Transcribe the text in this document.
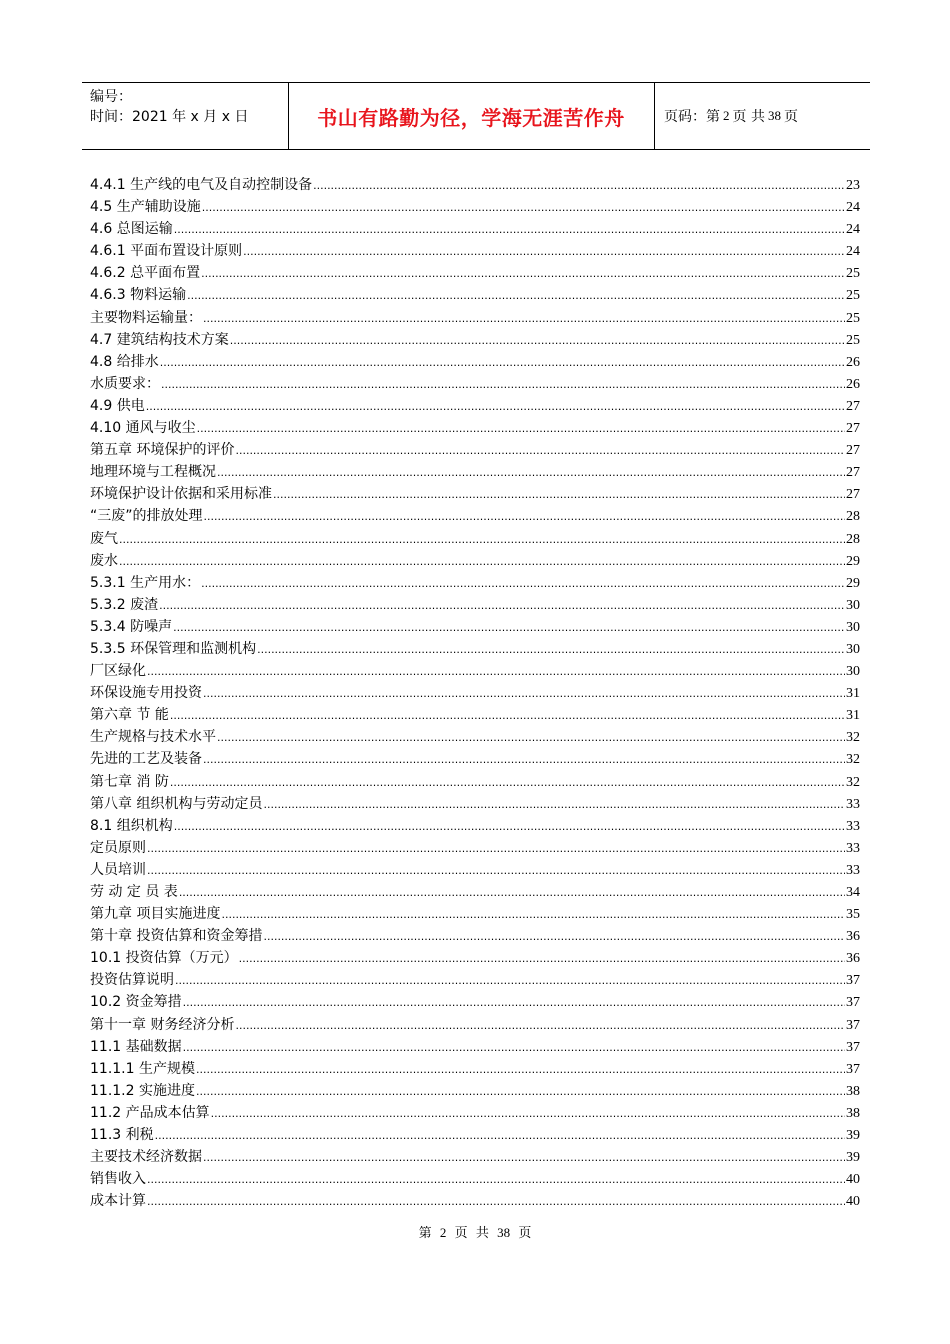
编号：
时间：2021 年 x 月 x 日	书山有路勤为径，学海无涯苦作舟	页码：第 2 页 共 38 页
4.4.1 生产线的电气及自动控制设备 .....	23
4.5 生产辅助设施 .....	24
4.6 总图运输 .....	24
4.6.1 平面布置设计原则 .....	24
4.6.2 总平面布置 .....	25
4.6.3 物料运输 .....	25
主要物料运输量： .....	25
4.7 建筑结构技术方案 .....	25
4.8 给排水 .....	26
水质要求： .....	26
4.9 供电 .....	27
4.10 通风与收尘 .....	27
第五章 环境保护的评价 .....	27
地理环境与工程概况 .....	27
环境保护设计依据和采用标准 .....	27
“三废”的排放处理 .....	28
废气 .....	28
废水 .....	29
5.3.1 生产用水： .....	29
5.3.2 废渣 .....	30
5.3.4 防噪声 .....	30
5.3.5 环保管理和监测机构 .....	30
厂区绿化 .....	30
环保设施专用投资 .....	31
第六章 节 能 .....	31
生产规格与技术水平 .....	32
先进的工艺及装备 .....	32
第七章 消 防 .....	32
第八章 组织机构与劳动定员 .....	33
8.1 组织机构 .....	33
定员原则 .....	33
人员培训 .....	33
劳 动 定 员 表 .....	34
第九章 项目实施进度 .....	35
第十章 投资估算和资金筹措 .....	36
10.1 投资估算（万元） .....	36
投资估算说明 .....	37
10.2 资金筹措 .....	37
第十一章 财务经济分析 .....	37
11.1 基础数据 .....	37
11.1.1 生产规模 .....	37
11.1.2 实施进度 .....	38
11.2 产品成本估算 .....	38
11.3 利税 .....	39
主要技术经济数据 .....	39
销售收入 .....	40
成本计算 .....	40
第 2 页 共 38 页
